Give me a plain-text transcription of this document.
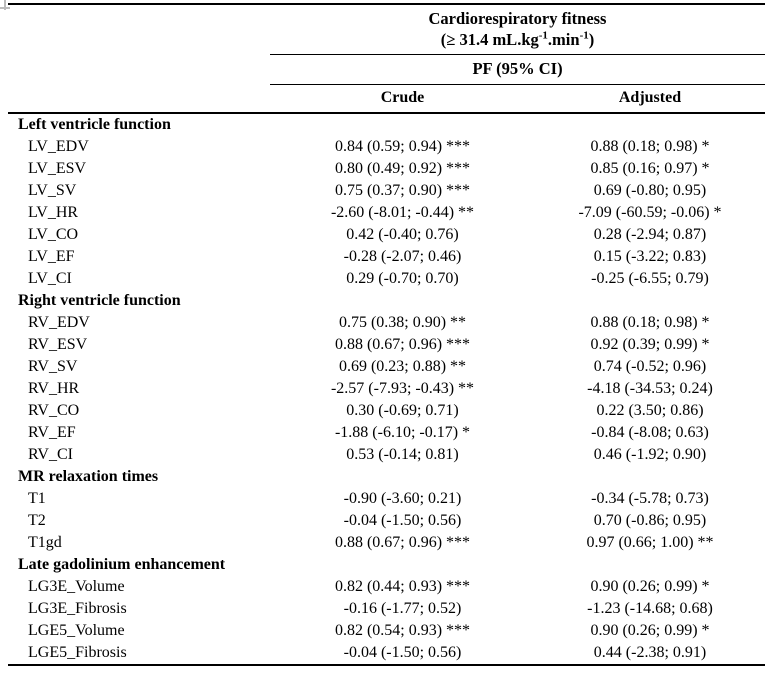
	Cardiorespiratory fitness
(≥ 31.4 $mL.kg^{-1}.\min^{-1}$)	

	PF (95% CI)	
	Crude	Adjusted
Left ventricle function		
LV_EDV	0.84 (0.59; 0.94) ***	0.88 (0.18; 0.98) *
LV_ESV	0.80 (0.49; 0.92) ***	0.85 (0.16; 0.97) *
LV_SV	0.75 (0.37; 0.90) ***	0.69 (-0.80; 0.95)
LV_HR	-2.60 (-8.01; -0.44) **	-7.09 (-60.59; -0.06) *
LV_CO	0.42 (-0.40; 0.76)	0.28 (-2.94; 0.87)
LV_EF	-0.28 (-2.07; 0.46)	0.15 (-3.22; 0.83)
LV_CI	0.29 (-0.70; 0.70)	-0.25 (-6.55; 0.79)
Right ventricle function		
RV_EDV	0.75 (0.38; 0.90) **	0.88 (0.18; 0.98) *
RV_ESV	0.88 (0.67; 0.96) ***	0.92 (0.39; 0.99) *
RV_SV	0.69 (0.23; 0.88) **	0.74 (-0.52; 0.96)
RV_HR	-2.57 (-7.93; -0.43) **	-4.18 (-34.53; 0.24)
RV_CO	0.30 (-0.69; 0.71)	0.22 (3.50; 0.86)
RV_EF	-1.88 (-6.10; -0.17) *	-0.84 (-8.08; 0.63)
RV_CI	0.53 (-0.14; 0.81)	0.46 (-1.92; 0.90)
MR relaxation times		
T1	-0.90 (-3.60; 0.21)	-0.34 (-5.78; 0.73)
T2	-0.04 (-1.50; 0.56)	0.70 (-0.86; 0.95)
T1gd	0.88 (0.67; 0.96) ***	0.97 (0.66; 1.00) **
Late gadolinium enhancement		
LG3E_Volume	0.82 (0.44; 0.93) ***	0.90 (0.26; 0.99) *
LG3E_Fibrosis	-0.16 (-1.77; 0.52)	-1.23 (-14.68; 0.68)
LGE5_Volume	0.82 (0.54; 0.93) ***	0.90 (0.26; 0.99) *
LGE5_Fibrosis	-0.04 (-1.50; 0.56)	0.44 (-2.38; 0.91)
